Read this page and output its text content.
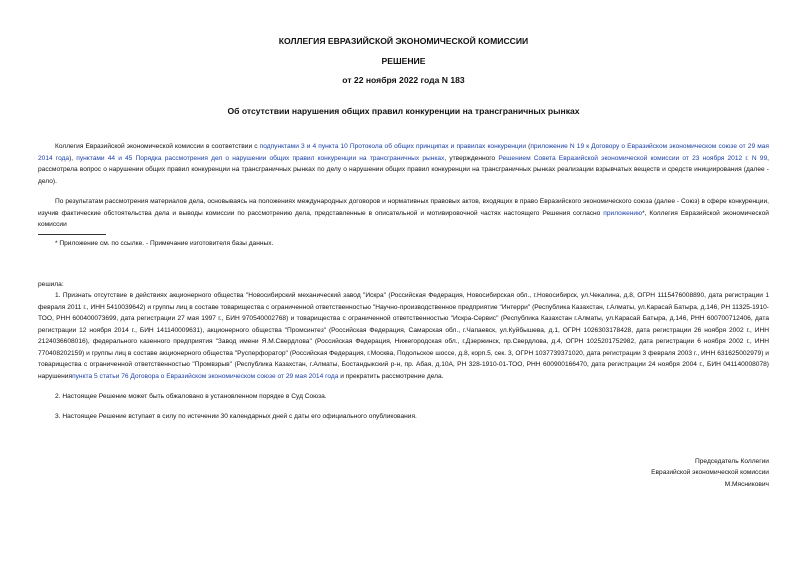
КОЛЛЕГИЯ ЕВРАЗИЙСКОЙ ЭКОНОМИЧЕСКОЙ КОМИССИИ
РЕШЕНИЕ
от 22 ноября 2022 года N 183
Об отсутствии нарушения общих правил конкуренции на трансграничных рынках

Коллегия Евразийской экономической комиссии в соответствии с подпунктами 3 и 4 пункта 10 Протокола об общих принципах и правилах конкуренции (приложение N 19 к Договору о Евразийском экономическом союзе от 29 мая 2014 года), пунктами 44 и 45 Порядка рассмотрения дел о нарушении общих правил конкуренции на трансграничных рынках, утвержденного Решением Совета Евразийской экономической комиссии от 23 ноября 2012 г. N 99, рассмотрела вопрос о нарушении общих правил конкуренции на трансграничных рынках по делу о нарушении общих правил конкуренции на трансграничных рынках реализации взрывчатых веществ и средств инициирования (далее - дело).

По результатам рассмотрения материалов дела, основываясь на положениях международных договоров и нормативных правовых актов, входящих в право Евразийского экономического союза (далее - Союз) в сфере конкуренции, изучив фактические обстоятельства дела и выводы комиссии по рассмотрению дела, представленные в описательной и мотивировочной частях настоящего Решения согласно приложению*, Коллегия Евразийской экономической комиссии

* Приложение см. по ссылке. - Примечание изготовителя базы данных.

решила:

1. Признать отсутствие в действиях акционерного общества "Новосибирский механический завод "Искра" (Российская Федерация, Новосибирская обл., г.Новосибирск, ул.Чекалина, д.8, ОГРН 1115476008890, дата регистрации 1 февраля 2011 г., ИНН 5410039642) и группы лиц в составе товарищества с ограниченной ответственностью "Научно-производственное предприятие "Интерри" (Республика Казахстан, г.Алматы, ул.Карасай Батыра, д.146, РН 11325-1910-ТОО, РНН 600400073699, дата регистрации 27 мая 1997 г., БИН 970540002768) и товарищества с ограниченной ответственностью "Искра-Сервис" (Республика Казахстан г.Алматы, ул.Карасай Батыра, д.146, РНН 600700712406, дата регистрации 12 ноября 2014 г., БИН 141140009631), акционерного общества "Промсинтез" (Российская Федерация, Самарская обл., г.Чапаевск, ул.Куйбышева, д.1, ОГРН 1026303178428, дата регистрации 26 ноября 2002 г., ИНН 2124036608016), федерального казенного предприятия "Завод имени Я.М.Свердлова" (Российская Федерация, Нижегородская обл., г.Дзержинск, пр.Свердлова, д.4, ОГРН 1025201752982, дата регистрации 6 ноября 2002 г., ИНН 770408202159) и группы лиц в составе акционерного общества "Русперфоратор" (Российская Федерация, г.Москва, Подольское шоссе, д.8, корп.5, сек. 3, ОГРН 1037739371020, дата регистрации 3 февраля 2003 г., ИНН 631625002979) и товарищества с ограниченной ответственностью "Промвзрыв" (Республика Казахстан, г.Алматы, Бостандыкский р-н, пр. Абая, д.10А, РН 328-1910-01-ТОО, РНН 600900166470, дата регистрации 24 ноября 2004 г., БИН 041140008078) нарушенияпункта 5 статьи 76 Договора о Евразийском экономическом союзе от 29 мая 2014 года и прекратить рассмотрение дела.

2. Настоящее Решение может быть обжаловано в установленном порядке в Суд Союза.

3. Настоящее Решение вступает в силу по истечении 30 календарных дней с даты его официального опубликования.

Председатель Коллегии
Евразийской экономической комиссии
М.Мясникович
